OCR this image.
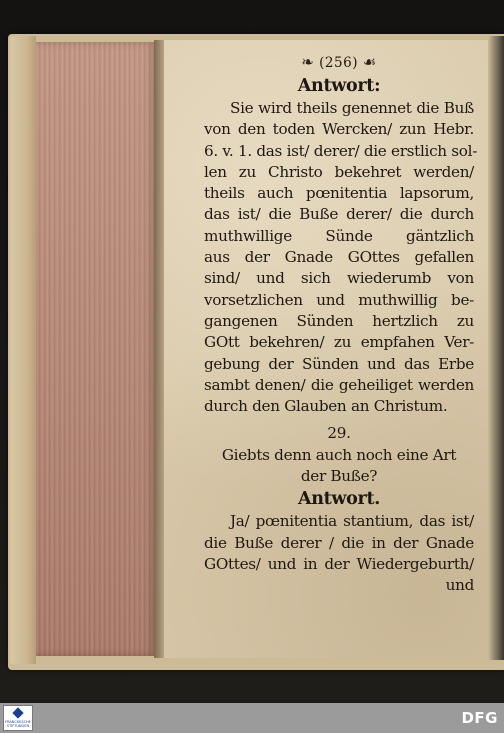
❧ (256) ☙
Antwort:
Sie wird theils genennet die Buß
von den toden Wercken/ zun Hebr.
6. v. 1. das ist/ derer/ die erstlich sol-
len zu Christo bekehret werden/
theils auch pœnitentia lapsorum,
das ist/ die Buße derer/ die durch
muthwillige Sünde gäntzlich
aus der Gnade GOttes gefallen
sind/ und sich wiederumb von
vorsetzlichen und muthwillig be-
gangenen Sünden hertzlich zu
GOtt bekehren/ zu empfahen Ver-
gebung der Sünden und das Erbe
sambt denen/ die geheiliget werden
durch den Glauben an Christum.
29.
Giebts denn auch noch eine Art
der Buße?
Antwort.
Ja/ pœnitentia stantium, das ist/
die Buße derer / die in der Gnade
GOttes/ und in der Wiedergeburth/
und
FRANCKESCHE STIFTUNGEN	DFG
